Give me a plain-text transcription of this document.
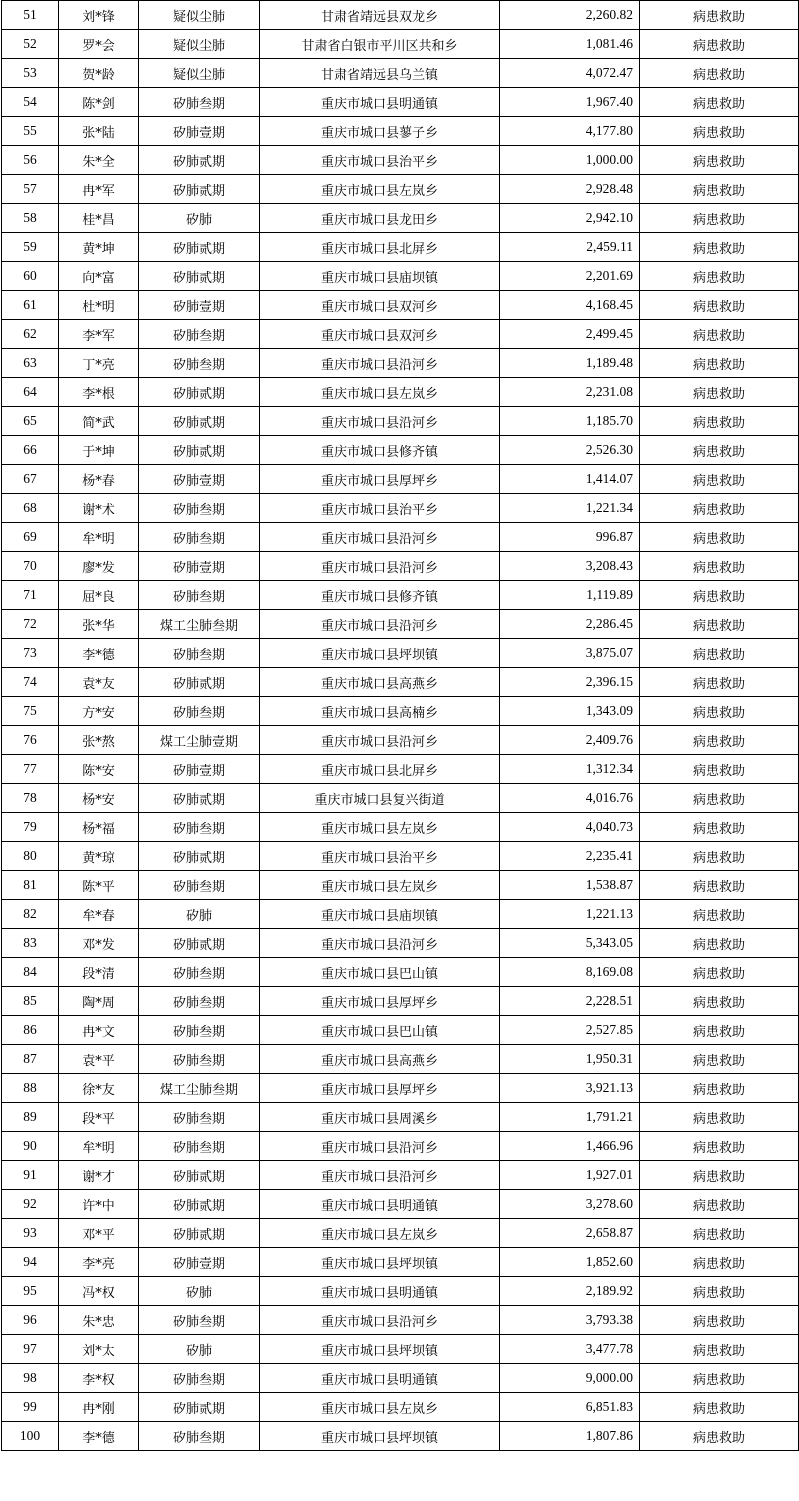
51	刘*锋	疑似尘肺	甘肃省靖远县双龙乡	2,260.82	病患救助
52	罗*会	疑似尘肺	甘肃省白银市平川区共和乡	1,081.46	病患救助
53	贺*龄	疑似尘肺	甘肃省靖远县乌兰镇	4,072.47	病患救助
54	陈*剑	矽肺叁期	重庆市城口县明通镇	1,967.40	病患救助
55	张*陆	矽肺壹期	重庆市城口县蓼子乡	4,177.80	病患救助
56	朱*全	矽肺贰期	重庆市城口县治平乡	1,000.00	病患救助
57	冉*军	矽肺贰期	重庆市城口县左岚乡	2,928.48	病患救助
58	桂*昌	矽肺	重庆市城口县龙田乡	2,942.10	病患救助
59	黄*坤	矽肺贰期	重庆市城口县北屏乡	2,459.11	病患救助
60	向*富	矽肺贰期	重庆市城口县庙坝镇	2,201.69	病患救助
61	杜*明	矽肺壹期	重庆市城口县双河乡	4,168.45	病患救助
62	李*军	矽肺叁期	重庆市城口县双河乡	2,499.45	病患救助
63	丁*亮	矽肺叁期	重庆市城口县沿河乡	1,189.48	病患救助
64	李*根	矽肺贰期	重庆市城口县左岚乡	2,231.08	病患救助
65	简*武	矽肺贰期	重庆市城口县沿河乡	1,185.70	病患救助
66	于*坤	矽肺贰期	重庆市城口县修齐镇	2,526.30	病患救助
67	杨*春	矽肺壹期	重庆市城口县厚坪乡	1,414.07	病患救助
68	谢*术	矽肺叁期	重庆市城口县治平乡	1,221.34	病患救助
69	牟*明	矽肺叁期	重庆市城口县沿河乡	996.87	病患救助
70	廖*发	矽肺壹期	重庆市城口县沿河乡	3,208.43	病患救助
71	屈*良	矽肺叁期	重庆市城口县修齐镇	1,119.89	病患救助
72	张*华	煤工尘肺叁期	重庆市城口县沿河乡	2,286.45	病患救助
73	李*德	矽肺叁期	重庆市城口县坪坝镇	3,875.07	病患救助
74	袁*友	矽肺贰期	重庆市城口县高燕乡	2,396.15	病患救助
75	方*安	矽肺叁期	重庆市城口县高楠乡	1,343.09	病患救助
76	张*熬	煤工尘肺壹期	重庆市城口县沿河乡	2,409.76	病患救助
77	陈*安	矽肺壹期	重庆市城口县北屏乡	1,312.34	病患救助
78	杨*安	矽肺贰期	重庆市城口县复兴街道	4,016.76	病患救助
79	杨*福	矽肺叁期	重庆市城口县左岚乡	4,040.73	病患救助
80	黄*琼	矽肺贰期	重庆市城口县治平乡	2,235.41	病患救助
81	陈*平	矽肺叁期	重庆市城口县左岚乡	1,538.87	病患救助
82	牟*春	矽肺	重庆市城口县庙坝镇	1,221.13	病患救助
83	邓*发	矽肺贰期	重庆市城口县沿河乡	5,343.05	病患救助
84	段*清	矽肺叁期	重庆市城口县巴山镇	8,169.08	病患救助
85	陶*周	矽肺叁期	重庆市城口县厚坪乡	2,228.51	病患救助
86	冉*文	矽肺叁期	重庆市城口县巴山镇	2,527.85	病患救助
87	袁*平	矽肺叁期	重庆市城口县高燕乡	1,950.31	病患救助
88	徐*友	煤工尘肺叁期	重庆市城口县厚坪乡	3,921.13	病患救助
89	段*平	矽肺叁期	重庆市城口县周溪乡	1,791.21	病患救助
90	牟*明	矽肺叁期	重庆市城口县沿河乡	1,466.96	病患救助
91	谢*才	矽肺贰期	重庆市城口县沿河乡	1,927.01	病患救助
92	许*中	矽肺贰期	重庆市城口县明通镇	3,278.60	病患救助
93	邓*平	矽肺贰期	重庆市城口县左岚乡	2,658.87	病患救助
94	李*亮	矽肺壹期	重庆市城口县坪坝镇	1,852.60	病患救助
95	冯*权	矽肺	重庆市城口县明通镇	2,189.92	病患救助
96	朱*忠	矽肺叁期	重庆市城口县沿河乡	3,793.38	病患救助
97	刘*太	矽肺	重庆市城口县坪坝镇	3,477.78	病患救助
98	李*权	矽肺叁期	重庆市城口县明通镇	9,000.00	病患救助
99	冉*刚	矽肺贰期	重庆市城口县左岚乡	6,851.83	病患救助
100	李*德	矽肺叁期	重庆市城口县坪坝镇	1,807.86	病患救助
